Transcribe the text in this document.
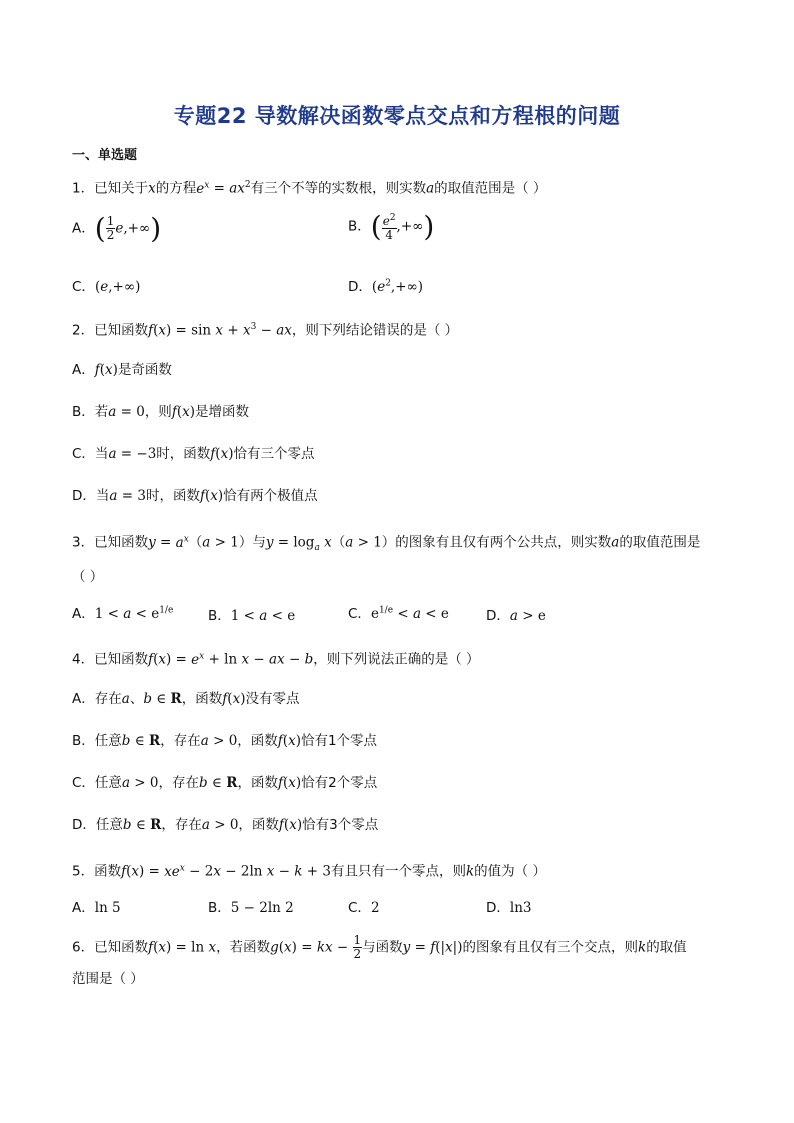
专题22 导数解决函数零点交点和方程根的问题
一、单选题
1．已知关于x的方程$e^x = ax^2$有三个不等的实数根，则实数a的取值范围是（ ）
A．( $\frac{1}{2} e,+\infty$)	B．( $\frac{e^2}{4}$ ,+∞)
C．(e,+∞)	D．$(e^2,+\infty)$
2．已知函数$f(x) = \sin x + x^3$ − ax，则下列结论错误的是（ ）
A．f(x)是奇函数
B．若a = 0，则f(x)是增函数
C．当a = −3时，函数f(x)恰有三个零点
D．当a = 3时，函数f(x)恰有两个极值点
3．已知函数$y = a^x(a > 1)$与$y = \log_a x(a > 1)$的图象有且仅有两个公共点，则实数a的取值范围是
（ ）
A．$1 < a < e^{1/e}$	B．1 < a < e	C．$e^{1/e} < a < e$	D．a > e
4．已知函数$f(x) = e^x + \ln x$ − ax − b，则下列说法正确的是（ ）
A．存在a、b ∈ R，函数f(x)没有零点
B．任意b ∈ R，存在a > 0，函数f(x)恰有1个零点
C．任意a > 0，存在b ∈ R，函数f(x)恰有2个零点
D．任意b ∈ R，存在a > 0，函数f(x)恰有3个零点
5．函数$f(x) = xe^x - 2x - 2\ln$ x − k + 3有且只有一个零点，则k的值为（ ）
A．ln 5	B．5 − 2ln 2	C．2	D．ln3
6．已知函数f(x) = ln x，若函数g(x) = kx − $\frac{1}{2}$ 与函数y = f(|x|)的图象有且仅有三个交点，则k的取值
范围是（ ）
